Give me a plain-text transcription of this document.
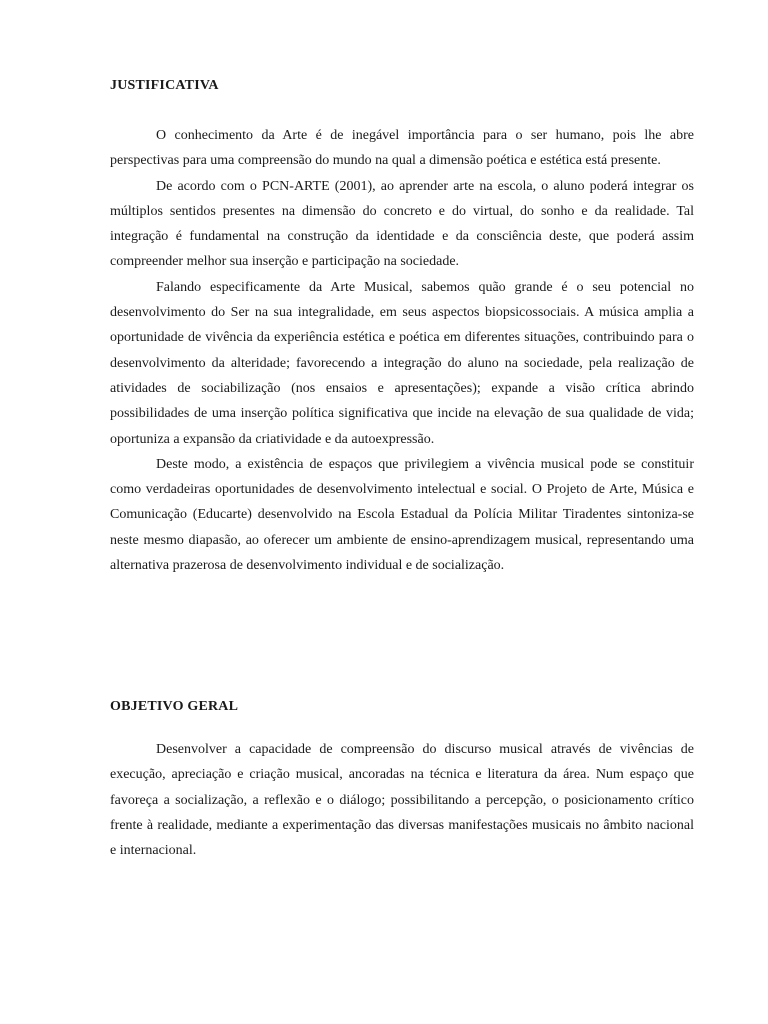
JUSTIFICATIVA

O conhecimento da Arte é de inegável importância para o ser humano, pois lhe abre perspectivas para uma compreensão do mundo na qual a dimensão poética e estética está presente.

De acordo com o PCN-ARTE (2001), ao aprender arte na escola, o aluno poderá integrar os múltiplos sentidos presentes na dimensão do concreto e do virtual, do sonho e da realidade. Tal integração é fundamental na construção da identidade e da consciência deste, que poderá assim compreender melhor sua inserção e participação na sociedade.

Falando especificamente da Arte Musical, sabemos quão grande é o seu potencial no desenvolvimento do Ser na sua integralidade, em seus aspectos biopsicossociais. A música amplia a oportunidade de vivência da experiência estética e poética em diferentes situações, contribuindo para o desenvolvimento da alteridade; favorecendo a integração do aluno na sociedade, pela realização de atividades de sociabilização (nos ensaios e apresentações); expande a visão crítica abrindo possibilidades de uma inserção política significativa que incide na elevação de sua qualidade de vida; oportuniza a expansão da criatividade e da autoexpressão.

Deste modo, a existência de espaços que privilegiem a vivência musical pode se constituir como verdadeiras oportunidades de desenvolvimento intelectual e social. O Projeto de Arte, Música e Comunicação (Educarte) desenvolvido na Escola Estadual da Polícia Militar Tiradentes sintoniza-se neste mesmo diapasão, ao oferecer um ambiente de ensino-aprendizagem musical, representando uma alternativa prazerosa de desenvolvimento individual e de socialização.

OBJETIVO GERAL

Desenvolver a capacidade de compreensão do discurso musical através de vivências de execução, apreciação e criação musical, ancoradas na técnica e literatura da área. Num espaço que favoreça a socialização, a reflexão e o diálogo; possibilitando a percepção, o posicionamento crítico frente à realidade, mediante a experimentação das diversas manifestações musicais no âmbito nacional e internacional.
